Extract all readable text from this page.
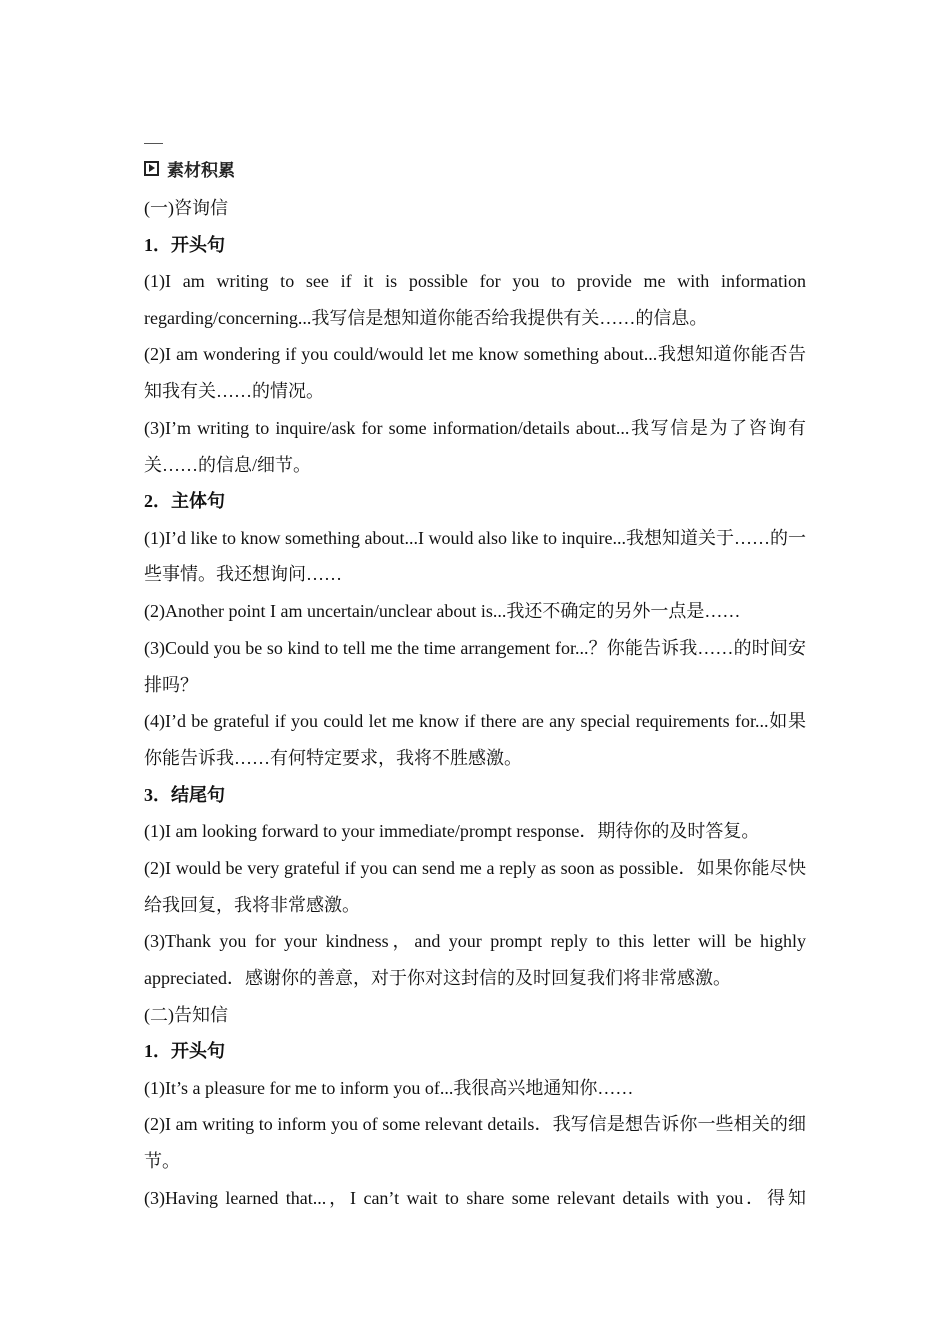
素材积累

(一)咨询信

1．开头句

(1)I am writing to see if it is possible for you to provide me with information regarding/concerning...我写信是想知道你能否给我提供有关……的信息。

(2)I am wondering if you could/would let me know something about...我想知道你能否告知我有关……的情况。

(3)I’m writing to inquire/ask for some information/details about...我写信是为了咨询有关……的信息/细节。

2．主体句

(1)I’d like to know something about...I would also like to inquire...我想知道关于……的一些事情。我还想询问……

(2)Another point I am uncertain/unclear about is...我还不确定的另外一点是……

(3)Could you be so kind to tell me the time arrangement for...？你能告诉我……的时间安排吗？

(4)I’d be grateful if you could let me know if there are any special requirements for...如果你能告诉我……有何特定要求，我将不胜感激。

3．结尾句

(1)I am looking forward to your immediate/prompt response．期待你的及时答复。

(2)I would be very grateful if you can send me a reply as soon as possible．如果你能尽快给我回复，我将非常感激。

(3)Thank you for your kindness，and your prompt reply to this letter will be highly appreciated．感谢你的善意，对于你对这封信的及时回复我们将非常感激。

(二)告知信

1．开头句

(1)It’s a pleasure for me to inform you of...我很高兴地通知你……

(2)I am writing to inform you of some relevant details．我写信是想告诉你一些相关的细节。

(3)Having learned that...，I can’t wait to share some relevant details with you．得知
